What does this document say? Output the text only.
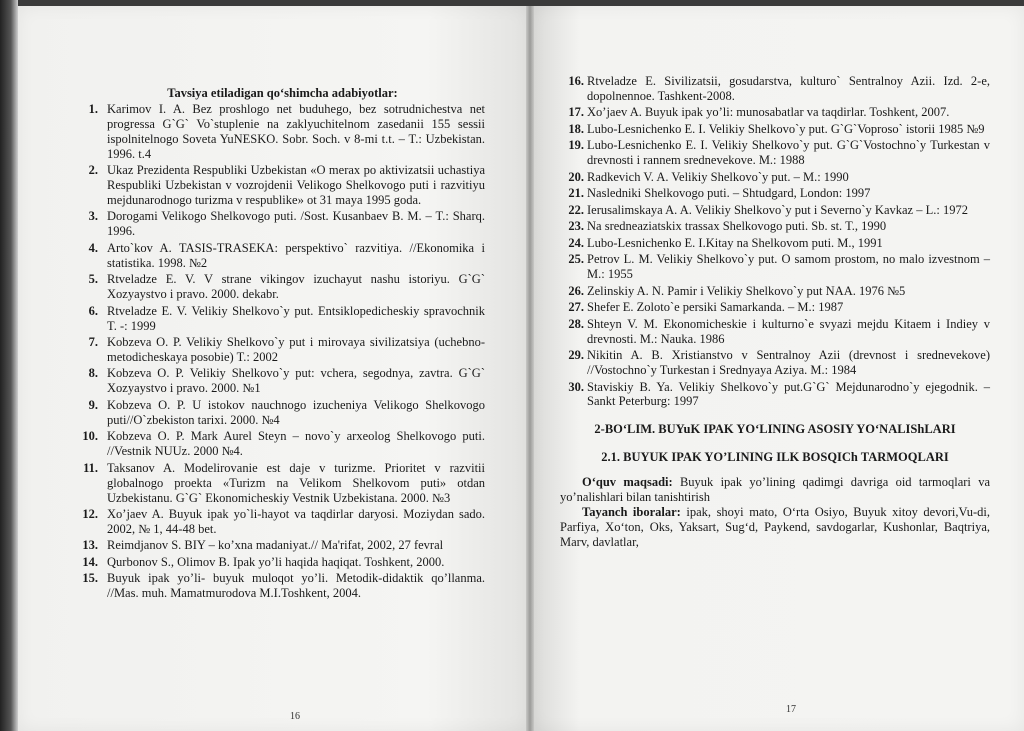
Tavsiya etiladigan qo‘shimcha adabiyotlar:
1. Karimov I. A. Bez proshlogo net buduhego, bez sotrudnichestva net progressa G`G` Vo`stuplenie na zaklyuchitelnom zasedanii 155 sessii ispolnitelnogo Soveta YuNESKO. Sobr. Soch. v 8-mi t.t. – T.: Uzbekistan. 1996. t.4
2. Ukaz Prezidenta Respubliki Uzbekistan «O merax po aktivizatsii uchastiya Respubliki Uzbekistan v vozrojdenii Velikogo Shelkovogo puti i razvitiyu mejdunarodnogo turizma v respublike» ot 31 maya 1995 goda.
3. Dorogami Velikogo Shelkovogo puti. /Sost. Kusanbaev B. M. – T.: Sharq. 1996.
4. Arto`kov A. TASIS-TRASEKA: perspektivo` razvitiya. //Ekonomika i statistika. 1998. №2
5. Rtveladze E. V. V strane vikingov izuchayut nashu istoriyu. G`G` Xozyaystvo i pravo. 2000. dekabr.
6. Rtveladze E. V. Velikiy Shelkovo`y put. Entsiklopedicheskiy spravochnik T. -: 1999
7. Kobzeva O. P. Velikiy Shelkovo`y put i mirovaya sivilizatsiya (uchebno-metodicheskaya posobie) T.: 2002
8. Kobzeva O. P. Velikiy Shelkovo`y put: vchera, segodnya, zavtra. G`G` Xozyaystvo i pravo. 2000. №1
9. Kobzeva O. P. U istokov nauchnogo izucheniya Velikogo Shelkovogo puti//O`zbekiston tarixi. 2000. №4
10. Kobzeva O. P. Mark Aurel Steyn – novo`y arxeolog Shelkovogo puti. //Vestnik NUUz. 2000 №4.
11. Taksanov A. Modelirovanie est daje v turizme. Prioritet v razvitii globalnogo proekta «Turizm na Velikom Shelkovom puti» otdan Uzbekistanu. G`G` Ekonomicheskiy Vestnik Uzbekistana. 2000. №3
12. Xo’jaev A. Buyuk ipak yo`li-hayot va taqdirlar daryosi. Moziydan sado. 2002, № 1, 44-48 bet.
13. Reimdjanov S. BIY – ko’xna madaniyat.// Ma'rifat, 2002, 27 fevral
14. Qurbonov S., Olimov B. Ipak yo’li haqida haqiqat. Toshkent, 2000.
15. Buyuk ipak yo’li- buyuk muloqot yo’li. Metodik-didaktik qo’llanma. //Mas. muh. Mamatmurodova M.I.Toshkent, 2004.
16. Rtveladze E. Sivilizatsii, gosudarstva, kulturo` Sentralnoy Azii. Izd. 2-e, dopolnennoe. Tashkent-2008.
17. Xo’jaev A. Buyuk ipak yo’li: munosabatlar va taqdirlar. Toshkent, 2007.
18. Lubo-Lesnichenko E. I. Velikiy Shelkovo`y put. G`G`Voproso` istorii 1985 №9
19. Lubo-Lesnichenko E. I. Velikiy Shelkovo`y put. G`G`Vostochno`y Turkestan v drevnosti i rannem srednevekove. M.: 1988
20. Radkevich V. A. Velikiy Shelkovo`y put. – M.: 1990
21. Nasledniki Shelkovogo puti. – Shtudgard, London: 1997
22. Ierusalimskaya A. A. Velikiy Shelkovo`y put i Severno`y Kavkaz – L.: 1972
23. Na srednеaziatskix trassax Shelkovogo puti. Sb. st. T., 1990
24. Lubo-Lesnichenko E. I.Kitay na Shelkovom puti. M., 1991
25. Petrov L. M. Velikiy Shelkovo`y put. O samom prostom, no malo izvestnom – M.: 1955
26. Zelinskiy A. N. Pamir i Velikiy Shelkovo`y put NAA. 1976 №5
27. Shefer E. Zoloto`e persiki Samarkanda. – M.: 1987
28. Shteyn V. M. Ekonomicheskie i kulturno`e svyazi mejdu Kitaem i Indiey v drevnosti. M.: Nauka. 1986
29. Nikitin A. B. Xristianstvo v Sentralnoy Azii (drevnost i srednevekove) //Vostochno`y Turkestan i Srednyaya Aziya. M.: 1984
30. Staviskiy B. Ya. Velikiy Shelkovo`y put.G`G` Mejdunarodno`y ejegodnik. – Sankt Peterburg: 1997
2-BO‘LIM. BUYuK IPAK YO‘LINING ASOSIY YO‘NALIShLARI
2.1. BUYUK IPAK YO’LINING ILK BOSQICh TARMOQLARI
O‘quv maqsadi: Buyuk ipak yo’lining qadimgi davriga oid tarmoqlari va yo’nalishlari bilan tanishtirish
Tayanch iboralar: ipak, shoyi mato, O‘rta Osiyo, Buyuk xitoy devori,Vu-di, Parfiya, Xo‘ton, Oks, Yaksart, Sug‘d, Paykend, savdogarlar, Kushonlar, Baqtriya, Marv, davlatlar,
16
17
